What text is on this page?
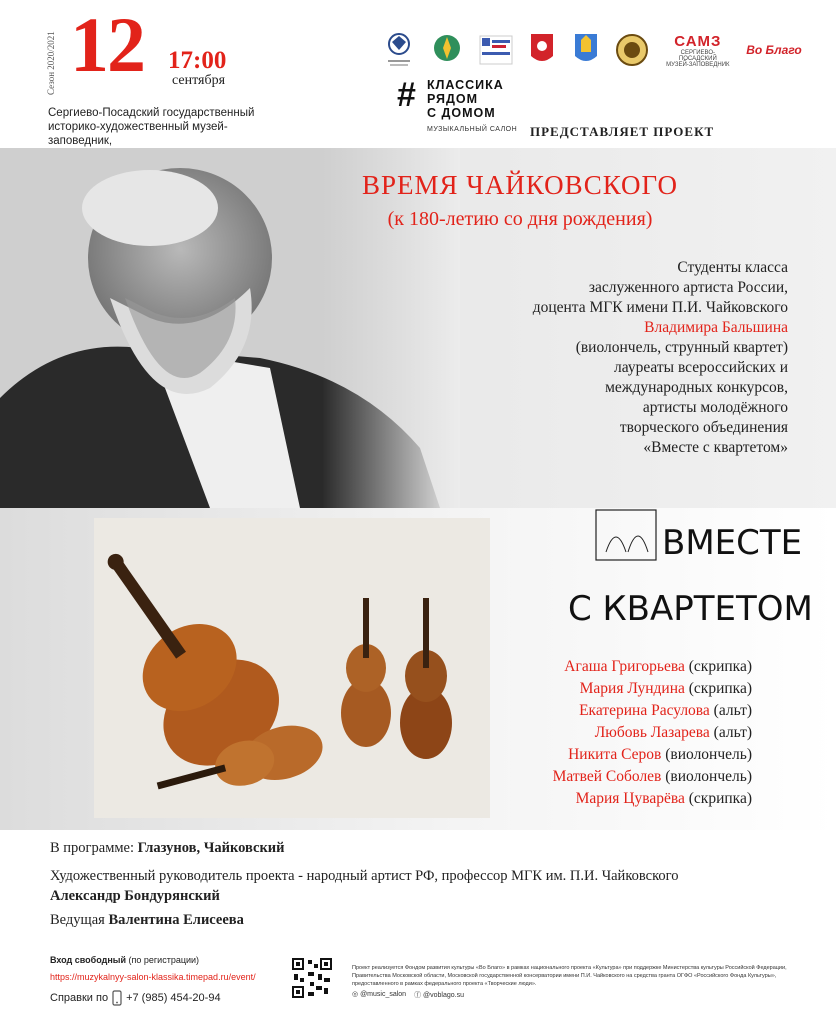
Сезон 2020/2021 12 17:00
сентября
Сергиево-Посадский государственный
историко-художественный музей-заповедник,
САМЗ
СЕРГИЕВО-ПОСАДСКИЙ
МУЗЕЙ-ЗАПОВЕДНИК
Во Благо
# КЛАССИКА
РЯДОМ
С ДОМОМ
МУЗЫКАЛЬНЫЙ САЛОН ПРЕДСТАВЛЯЕТ ПРОЕКТ
ВРЕМЯ ЧАЙКОВСКОГО
(к 180-летию со дня рождения)
Студенты класса
заслуженного артиста России,
доцента МГК имени П.И. Чайковского
Владимира Бальшина
(виолончель, струнный квартет)
лауреаты всероссийских и
международных конкурсов,
артисты молодёжного
творческого объединения
«Вместе с квартетом»
ВМЕСТЕ
С КВАРТЕТОМ
Агаша Григорьева (скрипка)
Мария Лундина (скрипка)
Екатерина Расулова (альт)
Любовь Лазарева (альт)
Никита Серов (виолончель)
Матвей Соболев (виолончель)
Мария Цуварёва (скрипка)
В программе: Глазунов, Чайковский
Художественный руководитель проекта - народный артист РФ, профессор МГК им. П.И. Чайковского
Александр Бондурянский
Ведущая Валентина Елисеева
Вход свободный (по регистрации)
https://muzykalnyy-salon-klassika.timepad.ru/event/
Справки по +7 (985) 454-20-94
Проект реализуется Фондом развития культуры «Во Благо» в рамках национального проекта «Культура» при поддержке Министерства культуры Российской Федерации, Правительства Московской области, Московской государственной консерватории имени П.И. Чайковского на средства гранта ОГФО «Российского Фонда Культуры», предоставленного в рамках федерального проекта «Творческие люди».
◎ @music_salon ⓕ @voblago.su
